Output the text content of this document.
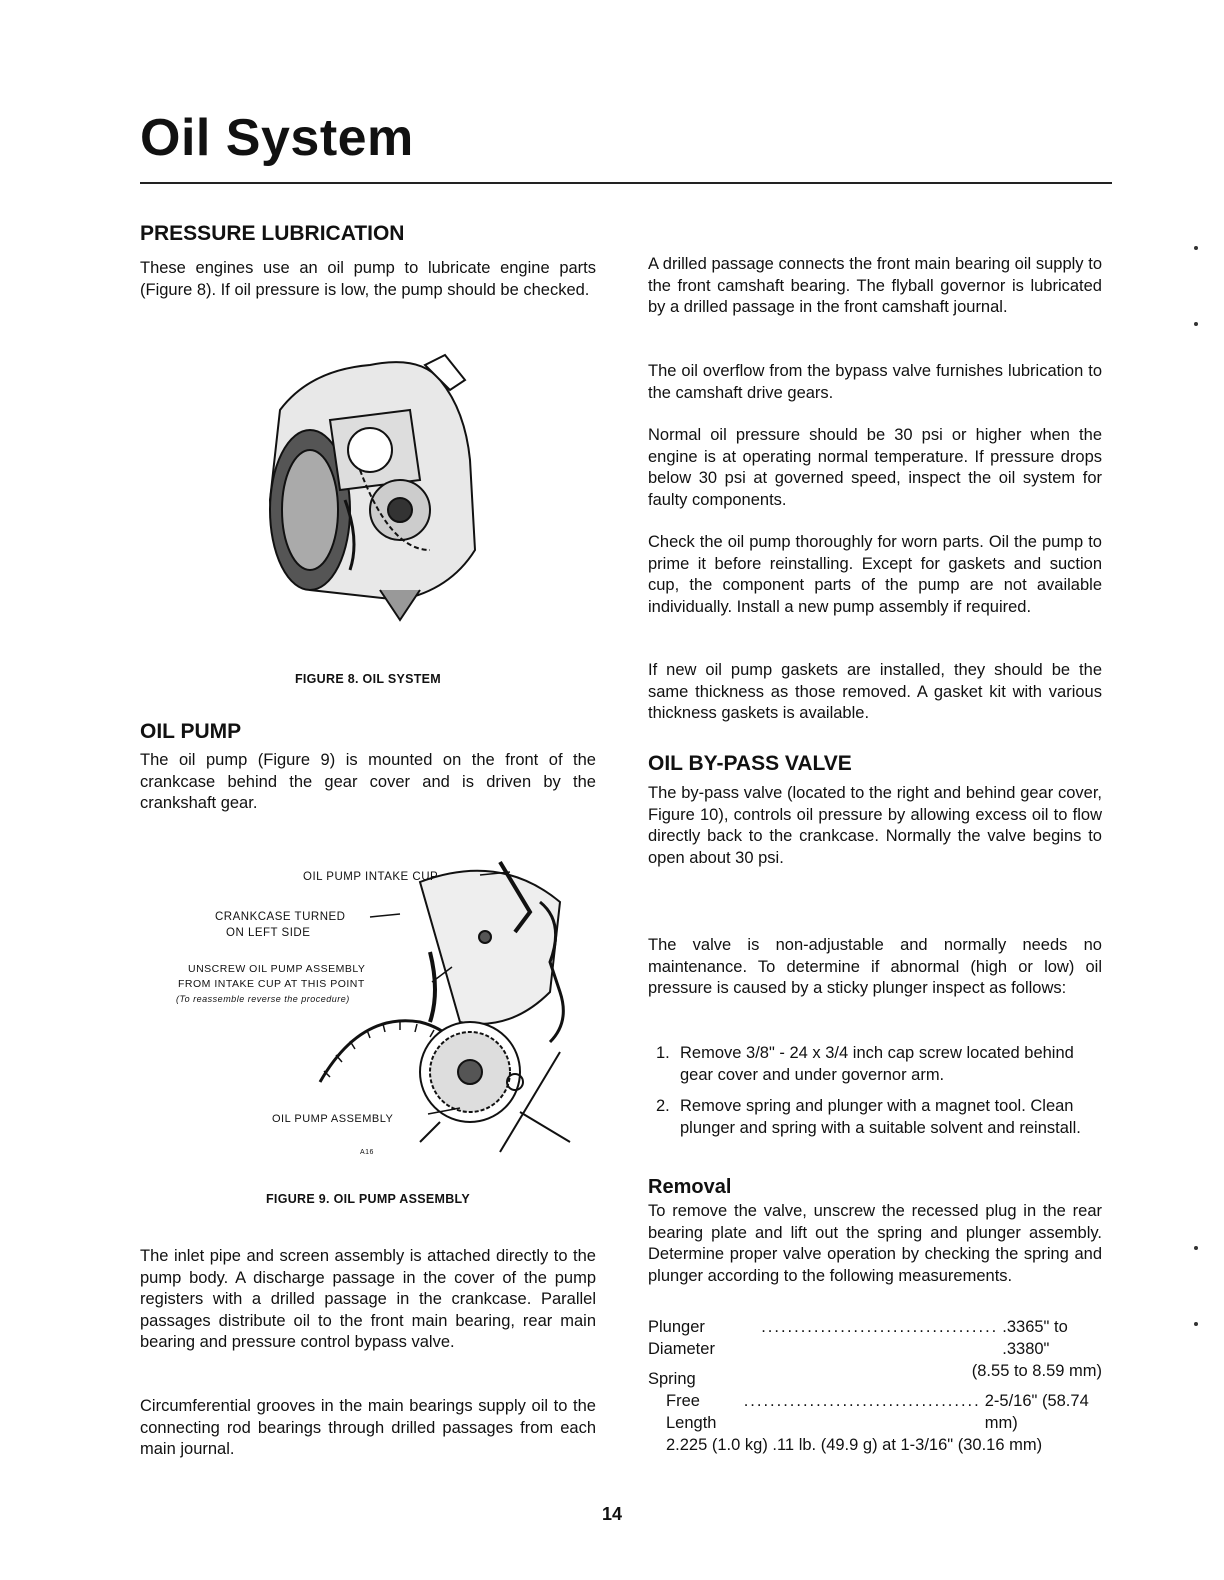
Oil System
PRESSURE LUBRICATION

These engines use an oil pump to lubricate engine parts (Figure 8). If oil pressure is low, the pump should be checked.

FIGURE 8. OIL SYSTEM

OIL PUMP

The oil pump (Figure 9) is mounted on the front of the crankcase behind the gear cover and is driven by the crankshaft gear.

OIL PUMP INTAKE CUP
CRANKCASE TURNED
ON LEFT SIDE
UNSCREW OIL PUMP ASSEMBLY
FROM INTAKE CUP AT THIS POINT
(To reassemble reverse the procedure)
OIL PUMP ASSEMBLY
A16

FIGURE 9. OIL PUMP ASSEMBLY

The inlet pipe and screen assembly is attached directly to the pump body. A discharge passage in the cover of the pump registers with a drilled passage in the crankcase. Parallel passages distribute oil to the front main bearing, rear main bearing and pressure control bypass valve.

Circumferential grooves in the main bearings supply oil to the connecting rod bearings through drilled passages from each main journal.

A drilled passage connects the front main bearing oil supply to the front camshaft bearing. The flyball governor is lubricated by a drilled passage in the front camshaft journal.

The oil overflow from the bypass valve furnishes lubrication to the camshaft drive gears.

Normal oil pressure should be 30 psi or higher when the engine is at operating normal temperature. If pressure drops below 30 psi at governed speed, inspect the oil system for faulty components.

Check the oil pump thoroughly for worn parts. Oil the pump to prime it before reinstalling. Except for gaskets and suction cup, the component parts of the pump are not available individually. Install a new pump assembly if required.

If new oil pump gaskets are installed, they should be the same thickness as those removed. A gasket kit with various thickness gaskets is available.

OIL BY-PASS VALVE

The by-pass valve (located to the right and behind gear cover, Figure 10), controls oil pressure by allowing excess oil to flow directly back to the crankcase. Normally the valve begins to open about 30 psi.

The valve is non-adjustable and normally needs no maintenance. To determine if abnormal (high or low) oil pressure is caused by a sticky plunger inspect as follows:

1. Remove 3/8" - 24 x 3/4 inch cap screw located behind gear cover and under governor arm.
2. Remove spring and plunger with a magnet tool. Clean plunger and spring with a suitable solvent and reinstall.
Removal

To remove the valve, unscrew the recessed plug in the rear bearing plate and lift out the spring and plunger assembly. Determine proper valve operation by checking the spring and plunger according to the following measurements.

Plunger Diameter
.................................... .3365" to .3380"
(8.55 to 8.59 mm)
Spring
Free Length
.................................... 2-5/16" (58.74 mm)
2.225 (1.0 kg) .11 lb. (49.9 g) at 1-3/16" (30.16 mm)
14
